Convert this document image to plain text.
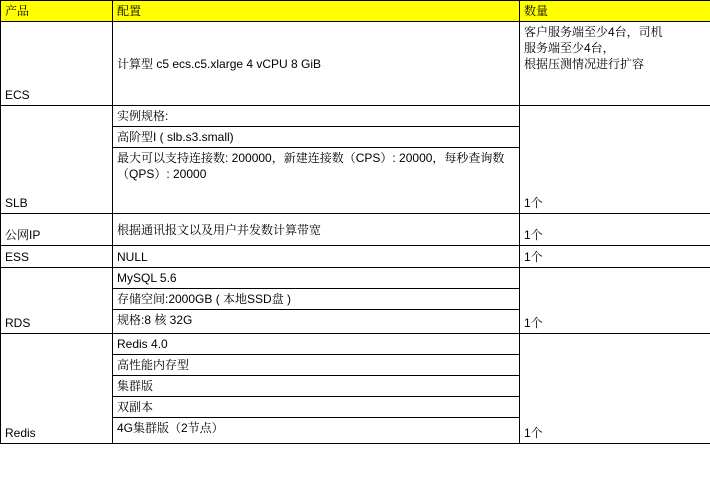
产品	配置	数量
ECS	计算型 c5 ecs.c5.xlarge 4 vCPU 8 GiB	客户服务端至少4台，司机
服务端至少4台，
根据压测情况进行扩容

SLB	实例规格:
高阶型I ( slb.s3.small)
最大可以支持连接数: 200000，新建连接数（CPS）: 20000，每秒查询数（QPS）: 20000	1个
公网IP	根据通讯报文以及用户并发数计算带宽	1个
ESS	NULL	1个
RDS	MySQL 5.6
存储空间:2000GB ( 本地SSD盘 )
规格:8 核 32G	1个
Redis	Redis 4.0
高性能内存型
集群版
双副本
4G集群版（2节点）	1个
